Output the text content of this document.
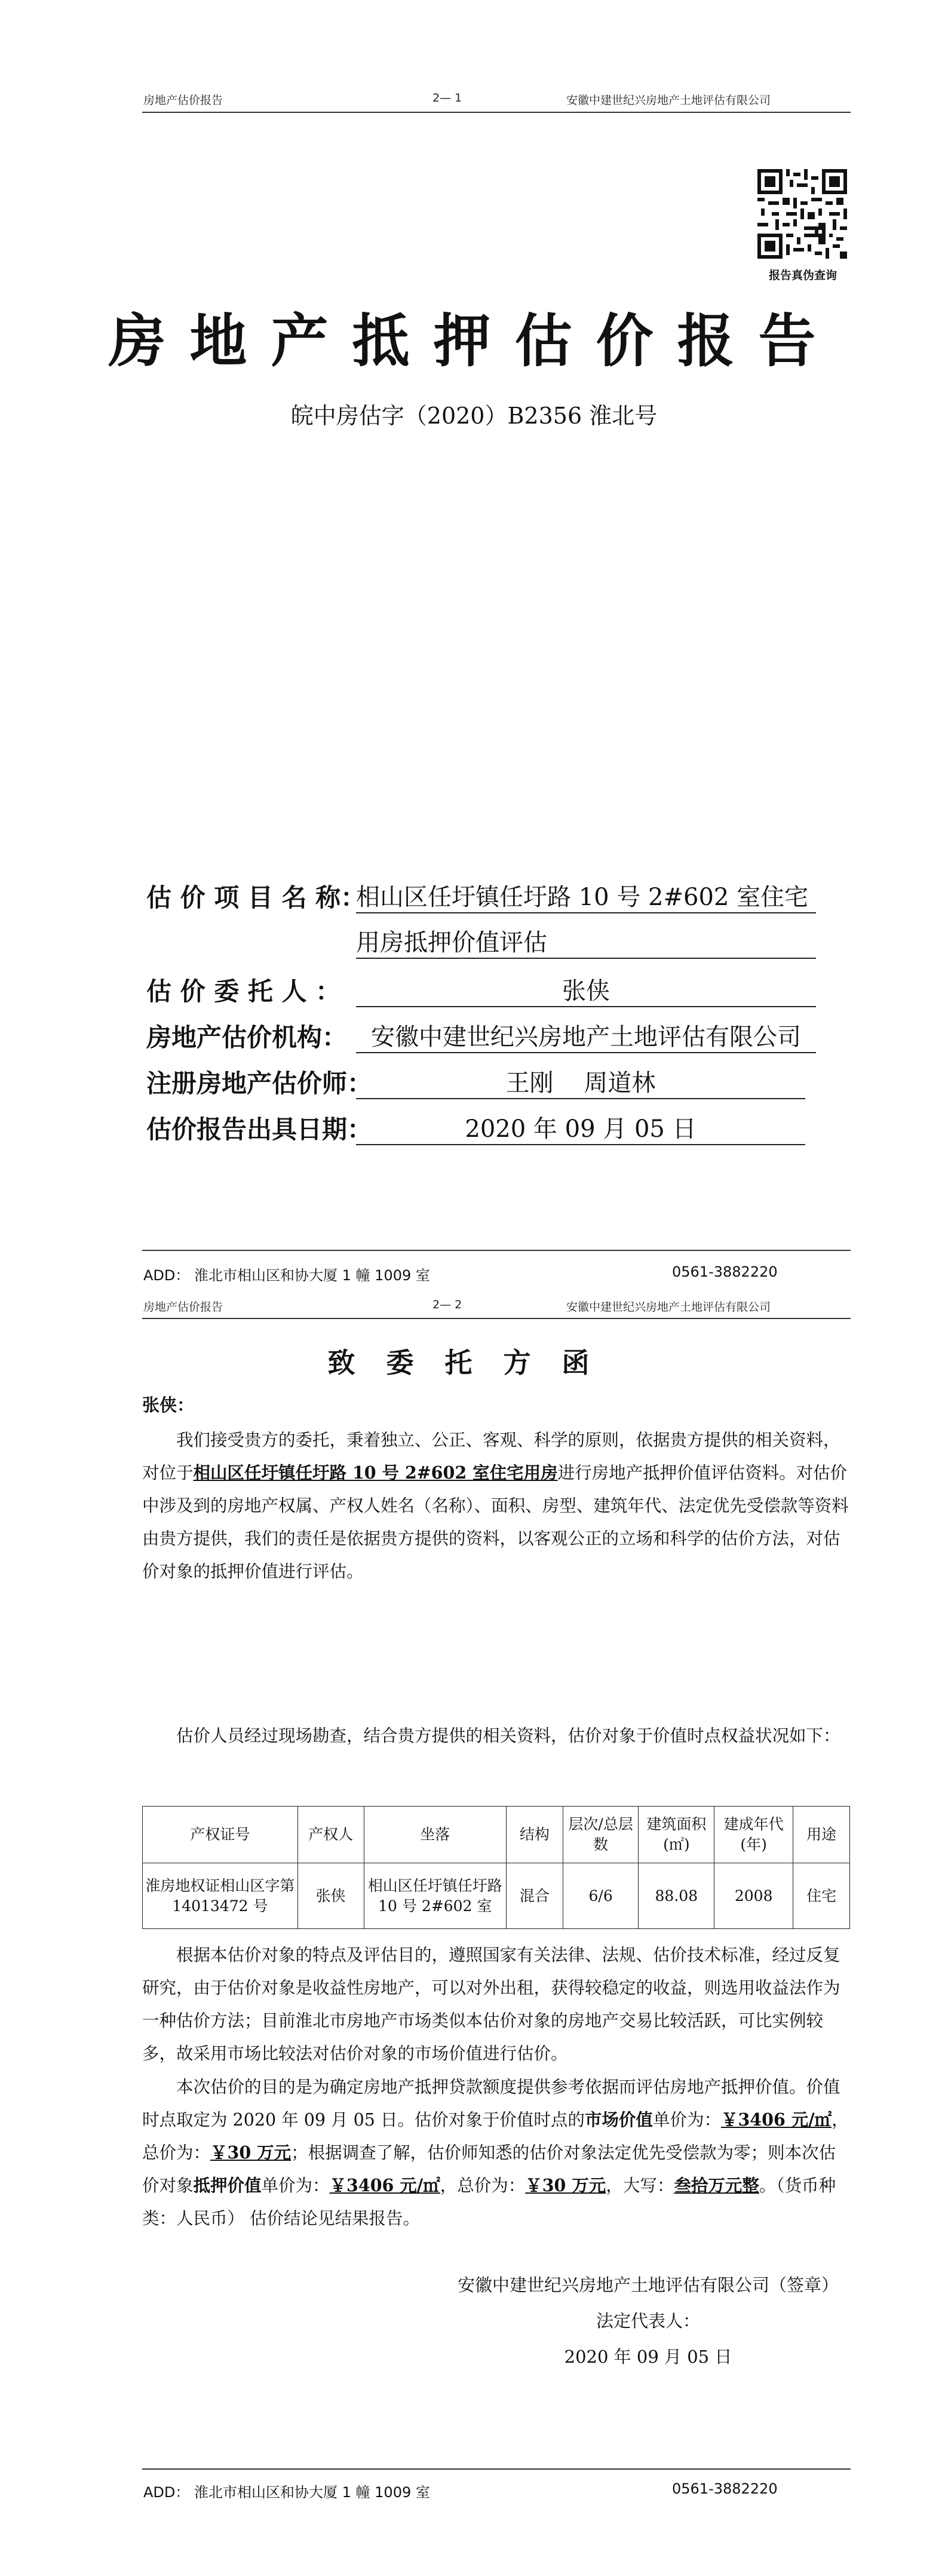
房地产估价报告	2— 1	安徽中建世纪兴房地产土地评估有限公司
报告真伪查询
房地产抵押估价报告
皖中房估字（2020）B2356 淮北号
估 价 项 目 名 称：
相山区任圩镇任圩路 10 号 2#602 室住宅
用房抵押价值评估
估 价 委 托 人 ：	张侠
房地产估价机构： 安徽中建世纪兴房地产土地评估有限公司
注册房地产估价师：	王刚    周道林
估价报告出具日期：	2020 年 09 月 05 日
ADD： 淮北市相山区和协大厦 1 幢 1009 室	0561-3882220
房地产估价报告	2— 2	安徽中建世纪兴房地产土地评估有限公司
致委托方函
张侠：
我们接受贵方的委托，秉着独立、公正、客观、科学的原则，依据贵方提供的相关资料，对位于相山区任圩镇任圩路 10 号 2#602 室住宅用房进行房地产抵押价值评估资料。对估价中涉及到的房地产权属、产权人姓名（名称）、面积、房型、建筑年代、法定优先受偿款等资料由贵方提供，我们的责任是依据贵方提供的资料，以客观公正的立场和科学的估价方法，对估价对象的抵押价值进行评估。
估价人员经过现场勘查，结合贵方提供的相关资料，估价对象于价值时点权益状况如下：
产权证号	产权人	坐落	结构	层次/总层数	建筑面积(㎡)	建成年代(年)	用途
淮房地权证相山区字第 14013472 号	张侠	相山区任圩镇任圩路 10 号 2#602 室	混合	6/6	88.08	2008	住宅
根据本估价对象的特点及评估目的，遵照国家有关法律、法规、估价技术标准，经过反复研究，由于估价对象是收益性房地产，可以对外出租，获得较稳定的收益，则选用收益法作为一种估价方法；目前淮北市房地产市场类似本估价对象的房地产交易比较活跃，可比实例较多，故采用市场比较法对估价对象的市场价值进行估价。
本次估价的目的是为确定房地产抵押贷款额度提供参考依据而评估房地产抵押价值。价值时点取定为 2020 年 09 月 05 日。估价对象于价值时点的市场价值单价为：￥3406 元/㎡，总价为：￥30 万元；根据调查了解，估价师知悉的估价对象法定优先受偿款为零；则本次估价对象抵押价值单价为：￥3406 元/㎡，总价为：￥30 万元，大写：叁拾万元整。（货币种类：人民币） 估价结论见结果报告。
安徽中建世纪兴房地产土地评估有限公司（签章）
法定代表人：
2020 年 09 月 05 日
ADD： 淮北市相山区和协大厦 1 幢 1009 室	0561-3882220
